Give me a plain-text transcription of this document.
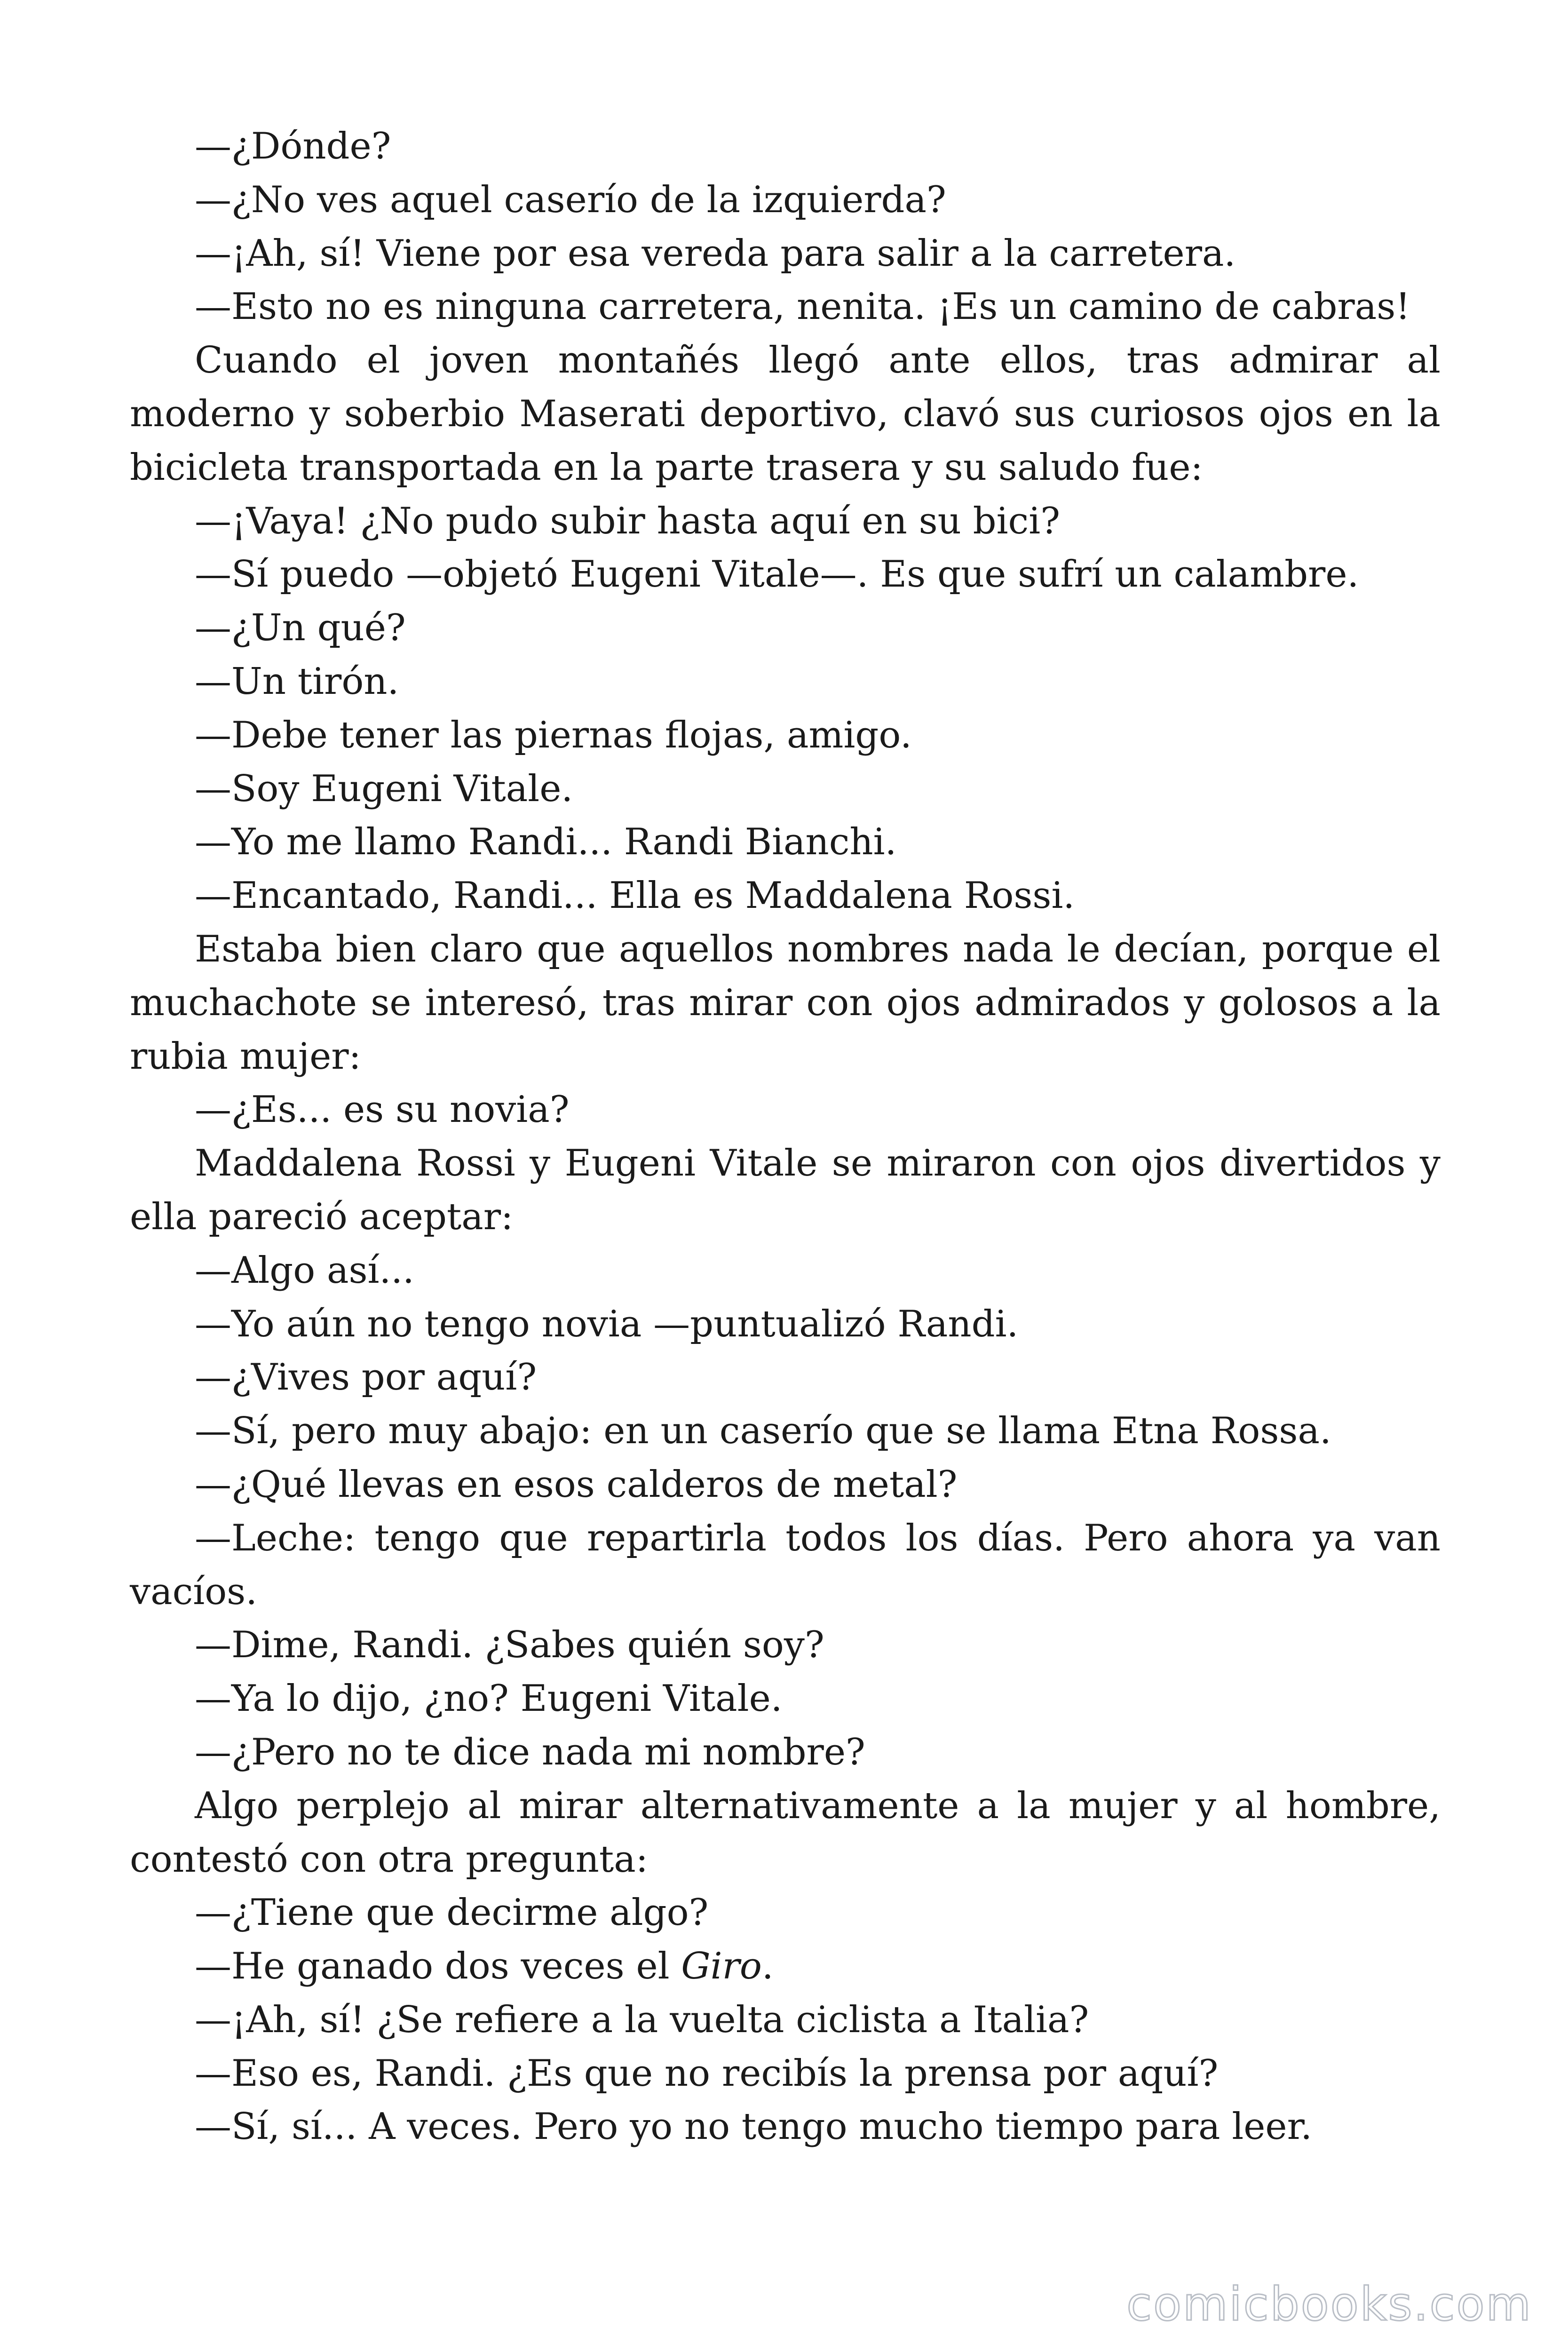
—¿Dónde?

—¿No ves aquel caserío de la izquierda?

—¡Ah, sí! Viene por esa vereda para salir a la carretera.

—Esto no es ninguna carretera, nenita. ¡Es un camino de cabras!

Cuando el joven montañés llegó ante ellos, tras admirar al moderno y soberbio Maserati deportivo, clavó sus curiosos ojos en la bicicleta transportada en la parte trasera y su saludo fue:

—¡Vaya! ¿No pudo subir hasta aquí en su bici?

—Sí puedo —objetó Eugeni Vitale—. Es que sufrí un calambre.

—¿Un qué?

—Un tirón.

—Debe tener las piernas flojas, amigo.

—Soy Eugeni Vitale.

—Yo me llamo Randi... Randi Bianchi.

—Encantado, Randi... Ella es Maddalena Rossi.

Estaba bien claro que aquellos nombres nada le decían, porque el muchachote se interesó, tras mirar con ojos admirados y golosos a la rubia mujer:

—¿Es... es su novia?

Maddalena Rossi y Eugeni Vitale se miraron con ojos divertidos y ella pareció aceptar:

—Algo así...

—Yo aún no tengo novia —puntualizó Randi.

—¿Vives por aquí?

—Sí, pero muy abajo: en un caserío que se llama Etna Rossa.

—¿Qué llevas en esos calderos de metal?

—Leche: tengo que repartirla todos los días. Pero ahora ya van vacíos.

—Dime, Randi. ¿Sabes quién soy?

—Ya lo dijo, ¿no? Eugeni Vitale.

—¿Pero no te dice nada mi nombre?

Algo perplejo al mirar alternativamente a la mujer y al hombre, contestó con otra pregunta:

—¿Tiene que decirme algo?

—He ganado dos veces el Giro.

—¡Ah, sí! ¿Se refiere a la vuelta ciclista a Italia?

—Eso es, Randi. ¿Es que no recibís la prensa por aquí?

—Sí, sí... A veces. Pero yo no tengo mucho tiempo para leer.

comicbooks.com
